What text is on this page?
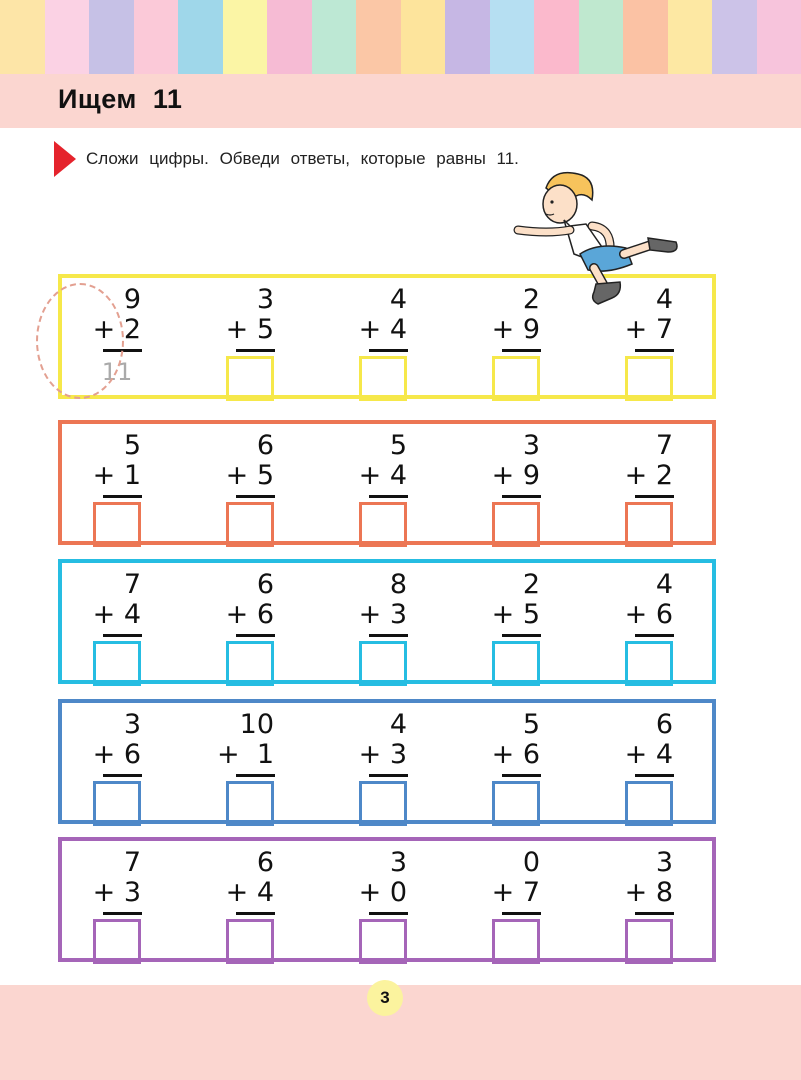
Ищем  11
Сложи цифры. Обведи ответы, которые равны 11.
9
+ 2
11
3
+ 5
4
+ 4
2
+ 9
4
+ 7
5
+ 1
6
+ 5
5
+ 4
3
+ 9
7
+ 2
7
+ 4
6
+ 6
8
+ 3
2
+ 5
4
+ 6
3
+ 6
10
+  1
4
+ 3
5
+ 6
6
+ 4
7
+ 3
6
+ 4
3
+ 0
0
+ 7
3
+ 8
3
